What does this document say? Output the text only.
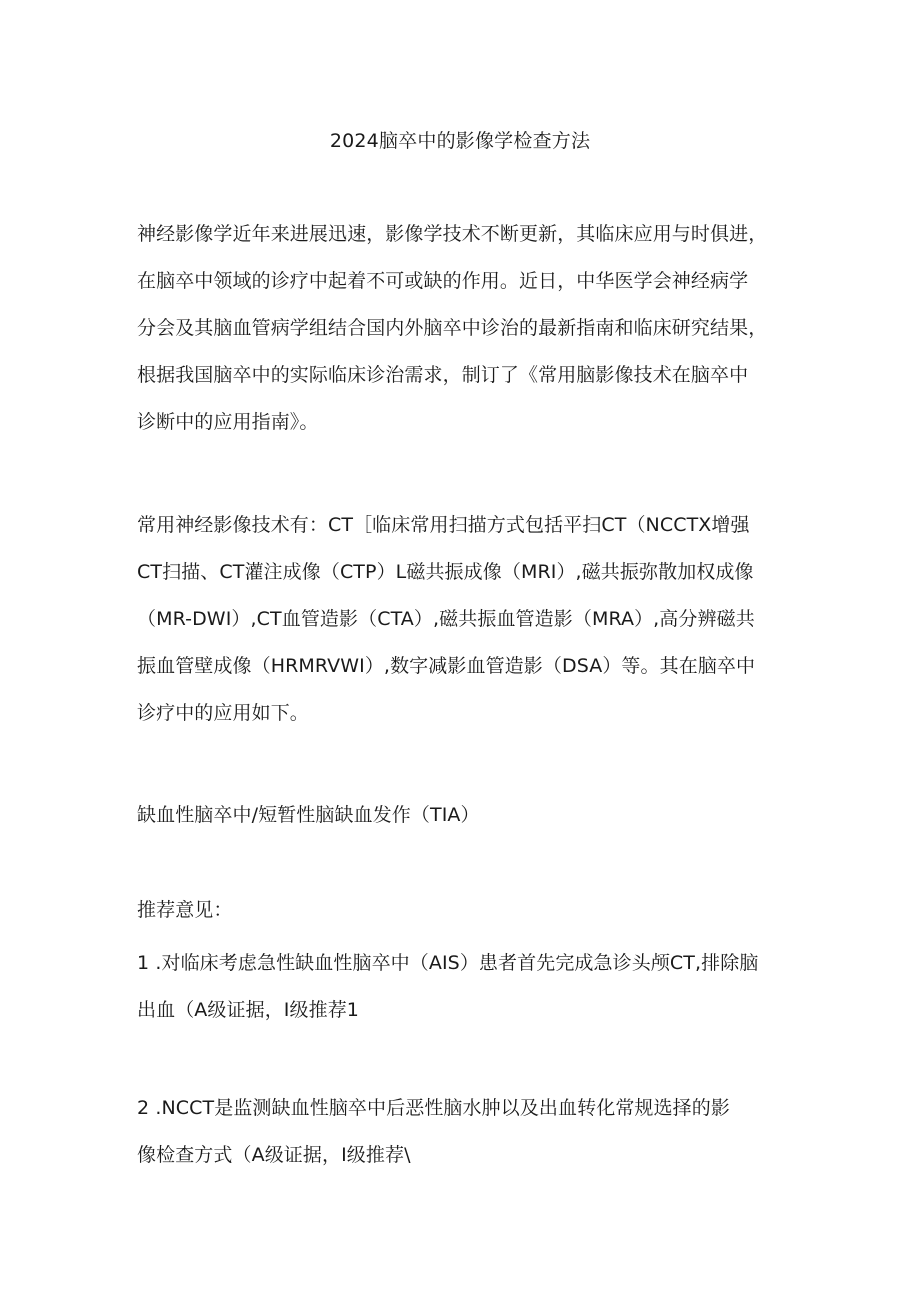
2024脑卒中的影像学检查方法
神经影像学近年来进展迅速，影像学技术不断更新，其临床应用与时俱进，
在脑卒中领域的诊疗中起着不可或缺的作用。近日，中华医学会神经病学
分会及其脑血管病学组结合国内外脑卒中诊治的最新指南和临床研究结果，
根据我国脑卒中的实际临床诊治需求，制订了《常用脑影像技术在脑卒中
诊断中的应用指南》。
常用神经影像技术有：CT［临床常用扫描方式包括平扫CT（NCCTX增强
CT扫描、CT灌注成像（CTP）L磁共振成像（MRI）,磁共振弥散加权成像
（MR-DWI）,CT血管造影（CTA）,磁共振血管造影（MRA）,高分辨磁共
振血管壁成像（HRMRVWI）,数字减影血管造影（DSA）等。其在脑卒中
诊疗中的应用如下。
缺血性脑卒中/短暂性脑缺血发作（TIA）
推荐意见：
1 .对临床考虑急性缺血性脑卒中（AIS）患者首先完成急诊头颅CT,排除脑
出血（A级证据，I级推荐1
2 .NCCT是监测缺血性脑卒中后恶性脑水肿以及出血转化常规选择的影
像检查方式（A级证据，I级推荐\
